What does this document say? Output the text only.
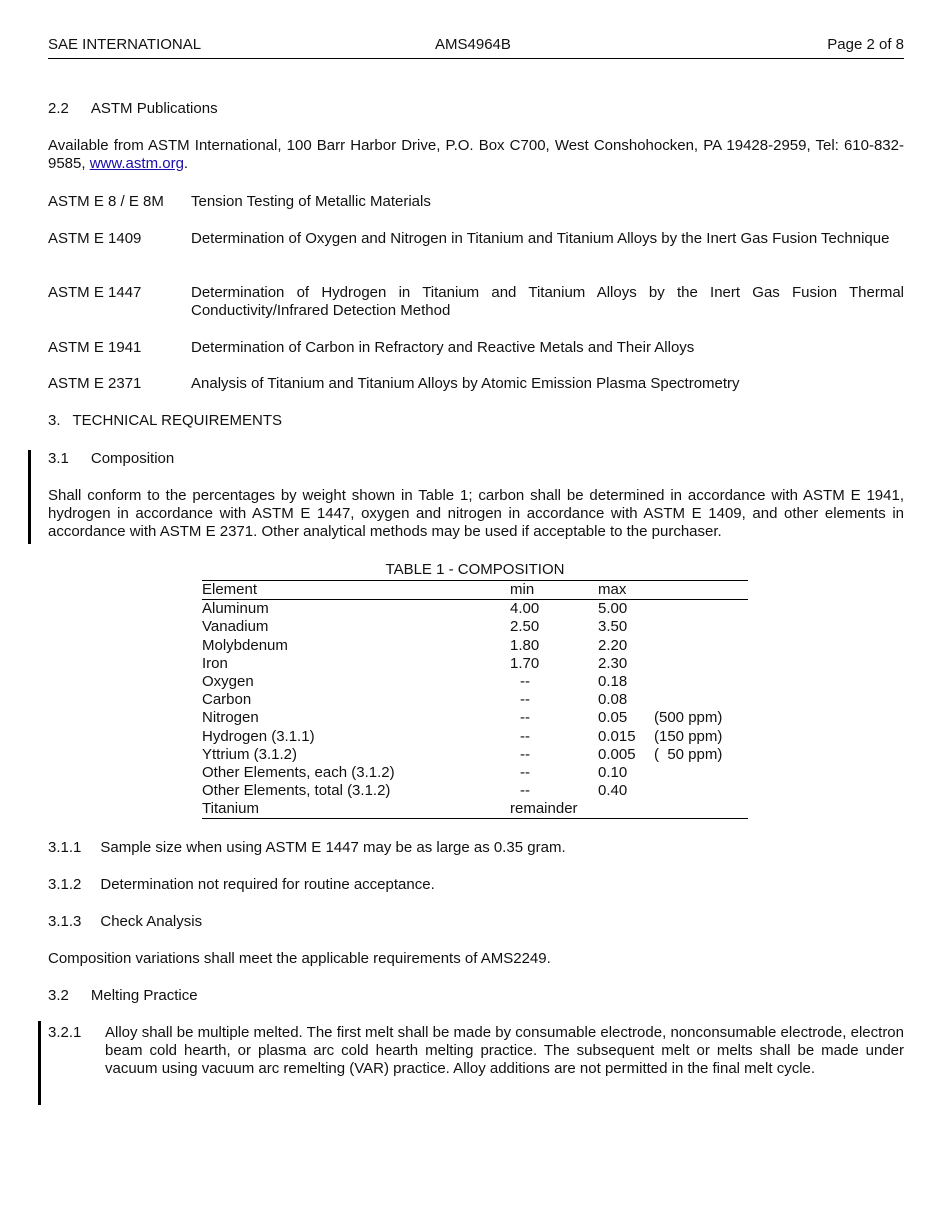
SAE INTERNATIONAL	AMS4964B	Page 2 of 8
2.2 ASTM Publications
Available from ASTM International, 100 Barr Harbor Drive, P.O. Box C700, West Conshohocken, PA 19428-2959, Tel: 610-832-9585, www.astm.org.
ASTM E 8 / E 8M Tension Testing of Metallic Materials
ASTM E 1409	Determination of Oxygen and Nitrogen in Titanium and Titanium Alloys by the Inert Gas Fusion Technique
ASTM E 1447	Determination of Hydrogen in Titanium and Titanium Alloys by the Inert Gas Fusion Thermal Conductivity/Infrared Detection Method
ASTM E 1941	Determination of Carbon in Refractory and Reactive Metals and Their Alloys
ASTM E 2371	Analysis of Titanium and Titanium Alloys by Atomic Emission Plasma Spectrometry
3. TECHNICAL REQUIREMENTS
3.1 Composition
Shall conform to the percentages by weight shown in Table 1; carbon shall be determined in accordance with ASTM E 1941, hydrogen in accordance with ASTM E 1447, oxygen and nitrogen in accordance with ASTM E 1409, and other elements in accordance with ASTM E 2371. Other analytical methods may be used if acceptable to the purchaser.
TABLE 1 - COMPOSITION
Element	min	max	
Aluminum	4.00	5.00	
Vanadium	2.50	3.50	
Molybdenum	1.80	2.20	
Iron	1.70	2.30	
Oxygen	--	0.18	
Carbon	--	0.08	
Nitrogen	--	0.05	(500 ppm)
Hydrogen (3.1.1)	--	0.015	(150 ppm)
Yttrium (3.1.2)	--	0.005	(  50 ppm)
Other Elements, each (3.1.2)	--	0.10	
Other Elements, total (3.1.2)	--	0.40	
Titanium	remainder		
3.1.1 Sample size when using ASTM E 1447 may be as large as 0.35 gram.
3.1.2 Determination not required for routine acceptance.
3.1.3 Check Analysis
Composition variations shall meet the applicable requirements of AMS2249.
3.2 Melting Practice
3.2.1 Alloy shall be multiple melted. The first melt shall be made by consumable electrode, nonconsumable electrode, electron beam cold hearth, or plasma arc cold hearth melting practice. The subsequent melt or melts shall be made under vacuum using vacuum arc remelting (VAR) practice. Alloy additions are not permitted in the final melt cycle.
